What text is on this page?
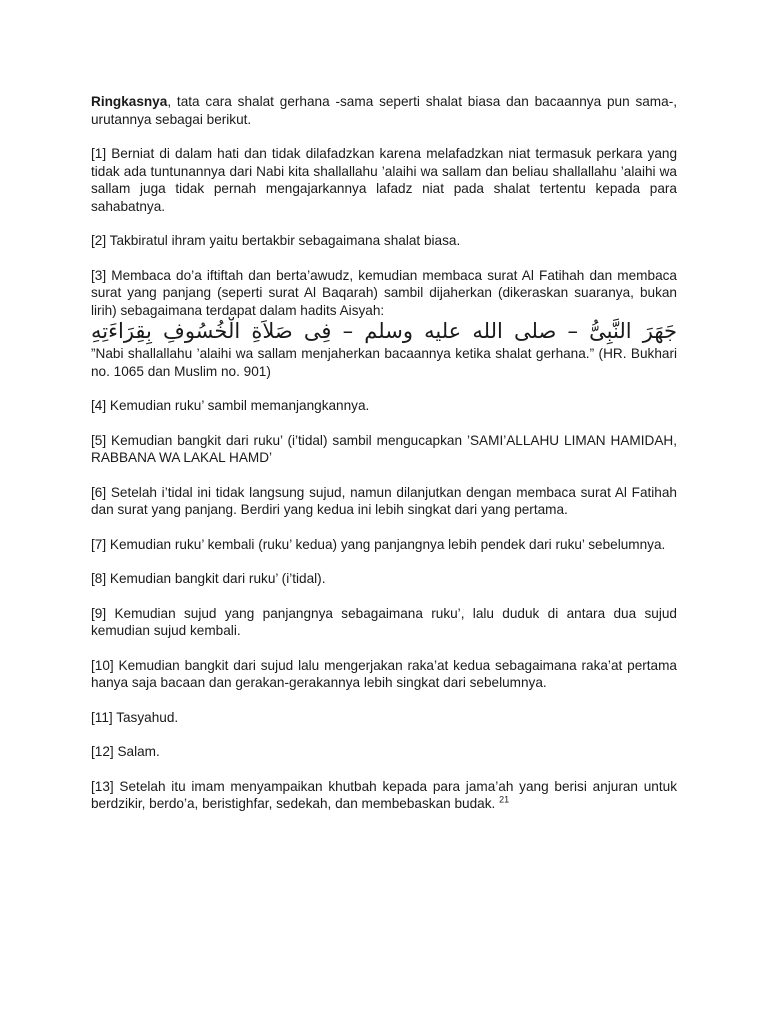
Ringkasnya, tata cara shalat gerhana -sama seperti shalat biasa dan bacaannya pun sama-, urutannya sebagai berikut.

[1] Berniat di dalam hati dan tidak dilafadzkan karena melafadzkan niat termasuk perkara yang tidak ada tuntunannya dari Nabi kita shallallahu ’alaihi wa sallam dan beliau shallallahu ’alaihi wa sallam juga tidak pernah mengajarkannya lafadz niat pada shalat tertentu kepada para sahabatnya.

[2] Takbiratul ihram yaitu bertakbir sebagaimana shalat biasa.

[3] Membaca do’a iftiftah dan berta’awudz, kemudian membaca surat Al Fatihah dan membaca surat yang panjang (seperti surat Al Baqarah) sambil dijaherkan (dikeraskan suaranya, bukan lirih) sebagaimana terdapat dalam hadits Aisyah:

جَهَرَ النَّبِىُّ – صلى الله عليه وسلم – فِى صَلاَةِ الْخُسُوفِ بِقِرَاءَتِهِ

”Nabi shallallahu ’alaihi wa sallam menjaherkan bacaannya ketika shalat gerhana.” (HR. Bukhari no. 1065 dan Muslim no. 901)

[4] Kemudian ruku’ sambil memanjangkannya.

[5] Kemudian bangkit dari ruku’ (i’tidal) sambil mengucapkan ’SAMI’ALLAHU LIMAN HAMIDAH, RABBANA WA LAKAL HAMD’

[6] Setelah i’tidal ini tidak langsung sujud, namun dilanjutkan dengan membaca surat Al Fatihah dan surat yang panjang. Berdiri yang kedua ini lebih singkat dari yang pertama.

[7] Kemudian ruku’ kembali (ruku’ kedua) yang panjangnya lebih pendek dari ruku’ sebelumnya.

[8] Kemudian bangkit dari ruku’ (i’tidal).

[9] Kemudian sujud yang panjangnya sebagaimana ruku’, lalu duduk di antara dua sujud kemudian sujud kembali.

[10] Kemudian bangkit dari sujud lalu mengerjakan raka’at kedua sebagaimana raka’at pertama hanya saja bacaan dan gerakan-gerakannya lebih singkat dari sebelumnya.

[11] Tasyahud.

[12] Salam.

[13] Setelah itu imam menyampaikan khutbah kepada para jama’ah yang berisi anjuran untuk berdzikir, berdo’a, beristighfar, sedekah, dan membebaskan budak. $^{21}$
